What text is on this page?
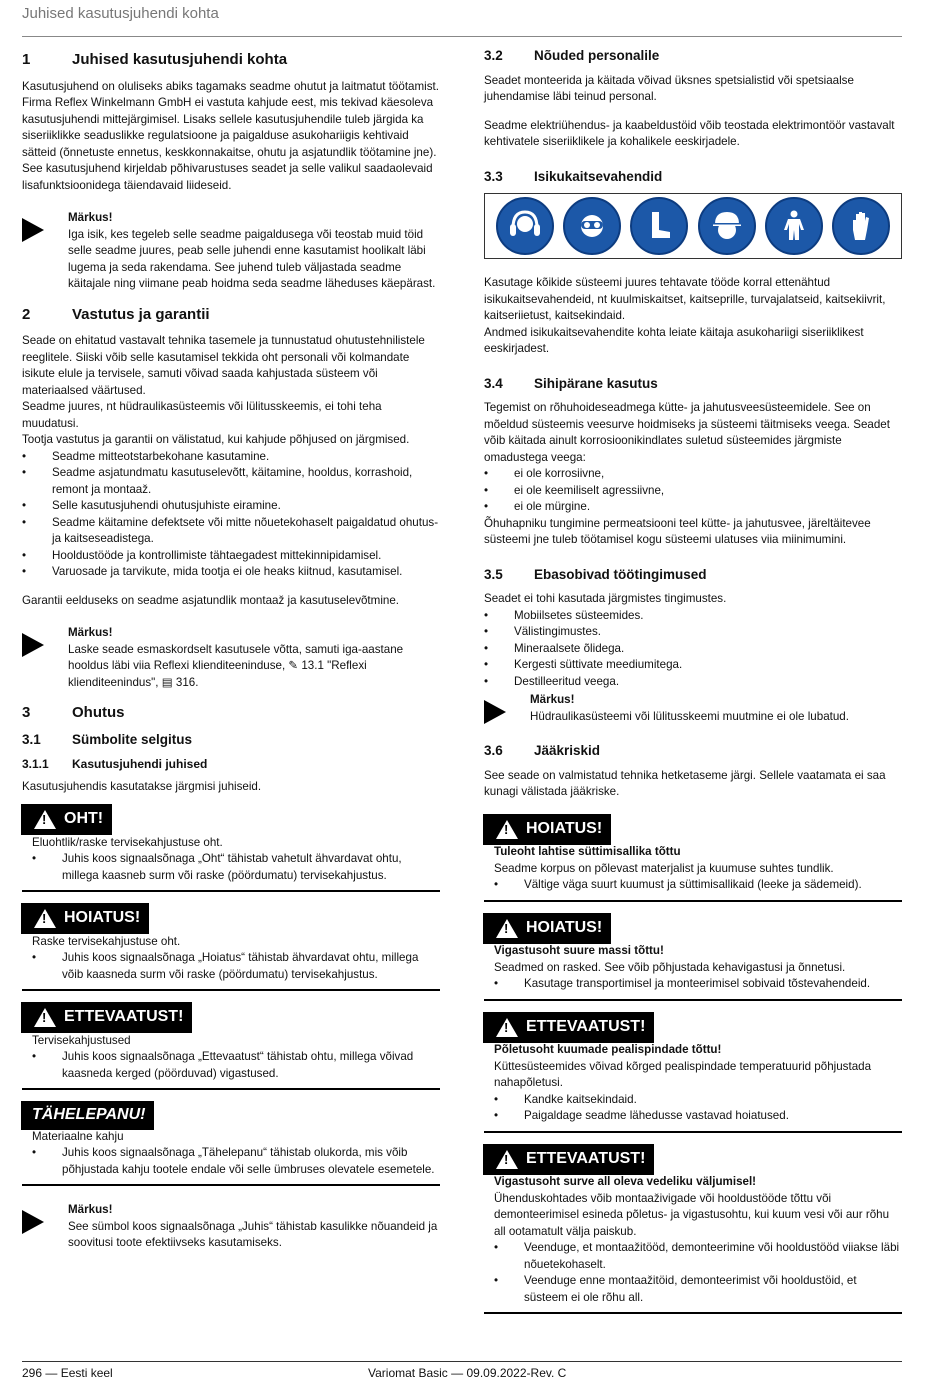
Juhised kasutusjuhendi kohta
1	Juhised kasutusjuhendi kohta

Kasutusjuhend on oluliseks abiks tagamaks seadme ohutut ja laitmatut töötamist.

Firma Reflex Winkelmann GmbH ei vastuta kahjude eest, mis tekivad käesoleva kasutusjuhendi mittejärgimisel. Lisaks sellele kasutusjuhendile tuleb järgida ka siseriiklikke seaduslikke regulatsioone ja paigalduse asukohariigis kehtivaid sätteid (õnnetuste ennetus, keskkonnakaitse, ohutu ja asjatundlik töötamine jne).

See kasutusjuhend kirjeldab põhivarustuses seadet ja selle valikul saadaolevaid lisafunktsioonidega täiendavaid liideseid.

Märkus!
Iga isik, kes tegeleb selle seadme paigaldusega või teostab muid töid selle seadme juures, peab selle juhendi enne kasutamist hoolikalt läbi lugema ja seda rakendama. See juhend tuleb väljastada seadme käitajale ning viimane peab hoidma seda seadme läheduses käepärast.
2	Vastutus ja garantii

Seade on ehitatud vastavalt tehnika tasemele ja tunnustatud ohutustehnilistele reeglitele. Siiski võib selle kasutamisel tekkida oht personali või kolmandate isikute elule ja tervisele, samuti võivad saada kahjustada süsteem või materiaalsed väärtused.

Seadme juures, nt hüdraulikasüsteemis või lülitusskeemis, ei tohi teha muudatusi.

Tootja vastutus ja garantii on välistatud, kui kahjude põhjused on järgmised.

• Seadme mitteotstarbekohane kasutamine.
• Seadme asjatundmatu kasutuselevõtt, käitamine, hooldus, korrashoid, remont ja montaaž.
• Selle kasutusjuhendi ohutusjuhiste eiramine.
• Seadme käitamine defektsete või mitte nõuetekohaselt paigaldatud ohutus- ja kaitseseadistega.
• Hooldustööde ja kontrollimiste tähtaegadest mittekinnipidamisel.
• Varuosade ja tarvikute, mida tootja ei ole heaks kiitnud, kasutamisel.

Garantii eelduseks on seadme asjatundlik montaaž ja kasutuselevõtmine.

Märkus!
Laske seade esmaskordselt kasutusele võtta, samuti iga-aastane hooldus läbi viia Reflexi klienditeeninduse, ✎ 13.1 "Reflexi klienditeenindus", ▤ 316.
3	Ohutus
3.1	Sümbolite selgitus
3.1.1	Kasutusjuhendi juhised

Kasutusjuhendis kasutatakse järgmisi juhiseid.

!
OHT!
Eluohtlik/raske tervisekahjustuse oht.
• Juhis koos signaalsõnaga „Oht“ tähistab vahetult ähvardavat ohtu, millega kaasneb surm või raske (pöördumatu) tervisekahjustus.
!
HOIATUS!
Raske tervisekahjustuse oht.
• Juhis koos signaalsõnaga „Hoiatus“ tähistab ähvardavat ohtu, millega võib kaasneda surm või raske (pöördumatu) tervisekahjustus.
!
ETTEVAATUST!
Tervisekahjustused
• Juhis koos signaalsõnaga „Ettevaatust“ tähistab ohtu, millega võivad kaasneda kerged (pöörduvad) vigastused.
TÄHELEPANU!
Materiaalne kahju
• Juhis koos signaalsõnaga „Tähelepanu“ tähistab olukorda, mis võib põhjustada kahju tootele endale või selle ümbruses olevatele esemetele.
Märkus!
See sümbol koos signaalsõnaga „Juhis“ tähistab kasulikke nõuandeid ja soovitusi toote efektiivseks kasutamiseks.
3.2	Nõuded personalile

Seadet monteerida ja käitada võivad üksnes spetsialistid või spetsiaalse juhendamise läbi teinud personal.

Seadme elektriühendus- ja kaabeldustöid võib teostada elektrimontöör vastavalt kehtivatele siseriiklikele ja kohalikele eeskirjadele.

3.3	Isikukaitsevahendid

Kasutage kõikide süsteemi juures tehtavate tööde korral ettenähtud isikukaitsevahendeid, nt kuulmiskaitset, kaitseprille, turvajalatseid, kaitsekiivrit, kaitseriietust, kaitsekindaid.

Andmed isikukaitsevahendite kohta leiate käitaja asukohariigi siseriiklikest eeskirjadest.

3.4	Sihipärane kasutus

Tegemist on rõhuhoideseadmega kütte- ja jahutusveesüsteemidele. See on mõeldud süsteemis veesurve hoidmiseks ja süsteemi täitmiseks veega. Seadet võib käitada ainult korrosioonikindlates suletud süsteemides järgmiste omadustega veega:

• ei ole korrosiivne,
• ei ole keemiliselt agressiivne,
• ei ole mürgine.

Õhuhapniku tungimine permeatsiooni teel kütte- ja jahutusvee, järeltäitevee süsteemi jne tuleb töötamisel kogu süsteemi ulatuses viia miinimumini.

3.5	Ebasobivad töötingimused

Seadet ei tohi kasutada järgmistes tingimustes.

• Mobiilsetes süsteemides.
• Välistingimustes.
• Mineraalsete õlidega.
• Kergesti süttivate meediumitega.
• Destilleeritud veega.
Märkus!
Hüdraulikasüsteemi või lülitusskeemi muutmine ei ole lubatud.
3.6	Jääkriskid

See seade on valmistatud tehnika hetketaseme järgi. Sellele vaatamata ei saa kunagi välistada jääkriske.

!
HOIATUS!
Tuleoht lahtise süttimisallika tõttu
Seadme korpus on põlevast materjalist ja kuumuse suhtes tundlik.
• Vältige väga suurt kuumust ja süttimisallikaid (leeke ja sädemeid).
!
HOIATUS!
Vigastusoht suure massi tõttu!
Seadmed on rasked. See võib põhjustada kehavigastusi ja õnnetusi.
• Kasutage transportimisel ja monteerimisel sobivaid tõstevahendeid.
!
ETTEVAATUST!
Põletusoht kuumade pealispindade tõttu!
Küttesüsteemides võivad kõrged pealispindade temperatuurid põhjustada nahapõletusi.
• Kandke kaitsekindaid.
• Paigaldage seadme lähedusse vastavad hoiatused.
!
ETTEVAATUST!
Vigastusoht surve all oleva vedeliku väljumisel!
Ühenduskohtades võib montaaživigade või hooldustööde tõttu või demonteerimisel esineda põletus- ja vigastusohtu, kui kuum vesi või aur rõhu all ootamatult välja paiskub.
• Veenduge, et montaažitööd, demonteerimine või hooldustööd viiakse läbi nõuetekohaselt.
• Veenduge enne montaažitöid, demonteerimist või hooldustöid, et süsteem ei ole rõhu all.
296 — Eesti keel	Variomat Basic — 09.09.2022-Rev. C
